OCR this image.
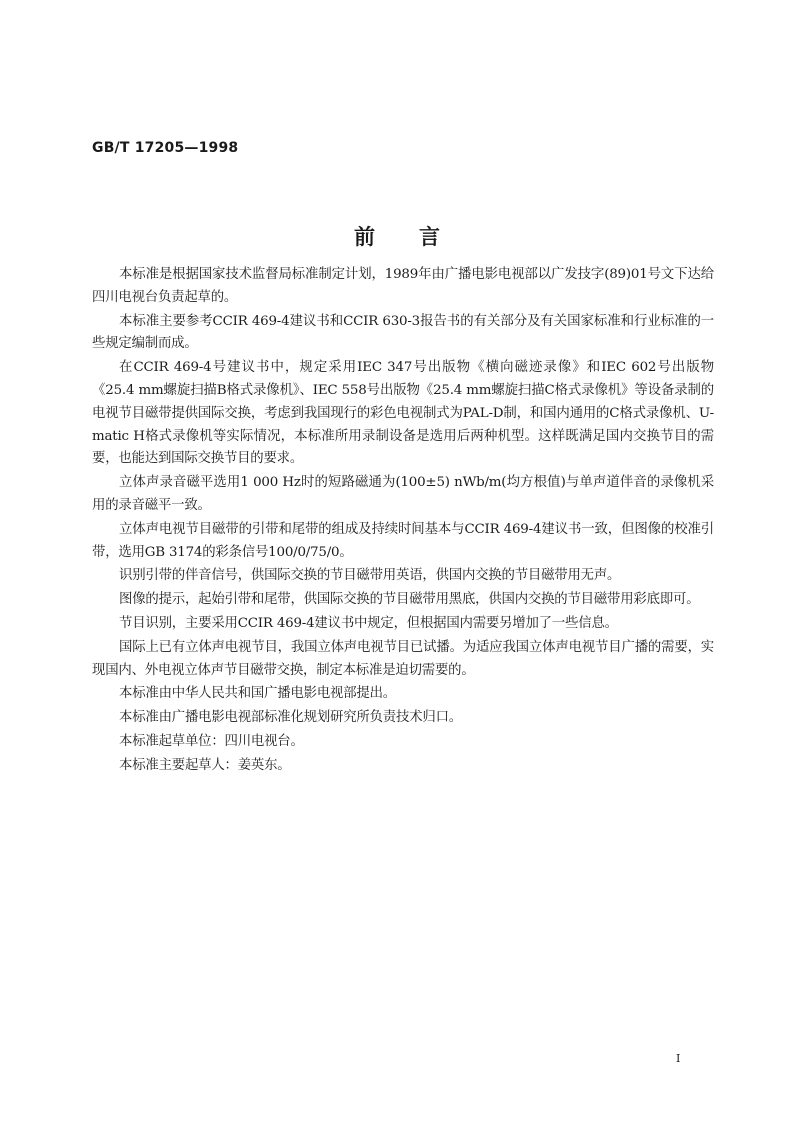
GB/T 17205—1998
前言

本标准是根据国家技术监督局标准制定计划，1989年由广播电影电视部以广发技字(89)01号文下达给四川电视台负责起草的。

本标准主要参考CCIR 469-4建议书和CCIR 630-3报告书的有关部分及有关国家标准和行业标准的一些规定编制而成。

在CCIR 469-4号建议书中，规定采用IEC 347号出版物《横向磁迹录像》和IEC 602号出版物《25.4 mm螺旋扫描B格式录像机》、IEC 558号出版物《25.4 mm螺旋扫描C格式录像机》等设备录制的电视节目磁带提供国际交换，考虑到我国现行的彩色电视制式为PAL-D制，和国内通用的C格式录像机、U-matic H格式录像机等实际情况，本标准所用录制设备是选用后两种机型。这样既满足国内交换节目的需要，也能达到国际交换节目的要求。

立体声录音磁平选用1 000 Hz时的短路磁通为(100±5) nWb/m(均方根值)与单声道伴音的录像机采用的录音磁平一致。

立体声电视节目磁带的引带和尾带的组成及持续时间基本与CCIR 469-4建议书一致，但图像的校准引带，选用GB 3174的彩条信号100/0/75/0。

识别引带的伴音信号，供国际交换的节目磁带用英语，供国内交换的节目磁带用无声。

图像的提示，起始引带和尾带，供国际交换的节目磁带用黑底，供国内交换的节目磁带用彩底即可。

节目识别，主要采用CCIR 469-4建议书中规定，但根据国内需要另增加了一些信息。

国际上已有立体声电视节目，我国立体声电视节目已试播。为适应我国立体声电视节目广播的需要，实现国内、外电视立体声节目磁带交换，制定本标准是迫切需要的。

本标准由中华人民共和国广播电影电视部提出。

本标准由广播电影电视部标准化规划研究所负责技术归口。

本标准起草单位：四川电视台。

本标准主要起草人：姜英东。

I
